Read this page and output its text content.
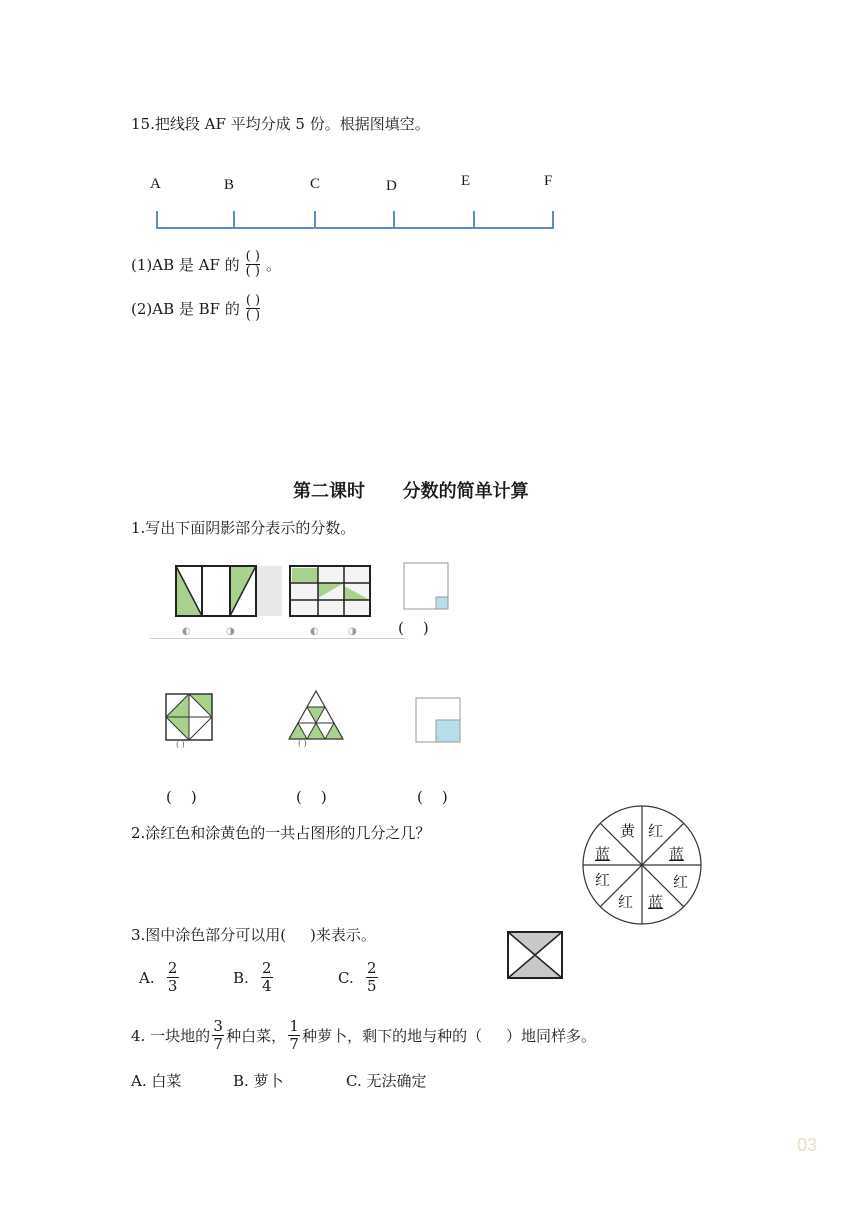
15.把线段 AF 平均分成 5 份。根据图填空。
A	B	C	D	E	F
(1)AB 是 AF 的 $\frac{( )}{( )}$ 。
(2)AB 是 BF 的 $\frac{( )}{( )}$
第二课时      分数的简单计算
1.写出下面阴影部分表示的分数。
◐	◑	◐	◑	(    )
( )	( )
(    )	(    )	(    )
2.涂红色和涂黄色的一共占图形的几分之几？	黄 红
蓝	蓝
红	红
红 蓝
3.图中涂色部分可以用(     )来表示。
A. $\frac{2}{3}$	B. $\frac{2}{4}$	C. $\frac{2}{5}$
4. 一块地的 $\frac{3}{7}$ 种白菜， $\frac{1}{7}$ 种萝卜，剩下的地与种的（     ）地同样多。
A. 白菜	B. 萝卜	C. 无法确定
03
